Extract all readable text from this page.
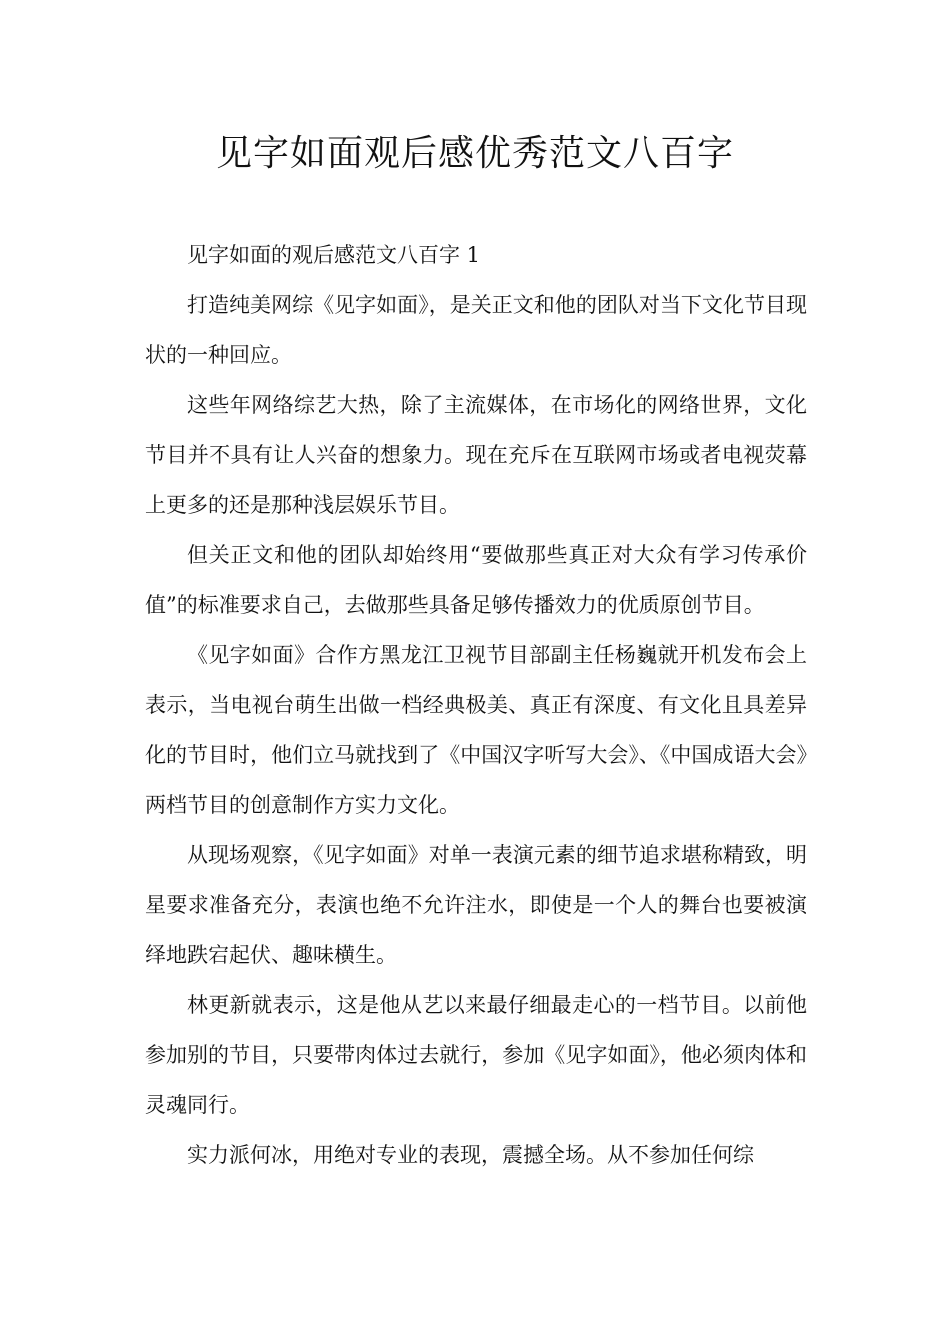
见字如面观后感优秀范文八百字

见字如面的观后感范文八百字 1

打造纯美网综《见字如面》，是关正文和他的团队对当下文化节目现状的一种回应。

这些年网络综艺大热，除了主流媒体，在市场化的网络世界，文化节目并不具有让人兴奋的想象力。现在充斥在互联网市场或者电视荧幕上更多的还是那种浅层娱乐节目。

但关正文和他的团队却始终用“要做那些真正对大众有学习传承价值”的标准要求自己，去做那些具备足够传播效力的优质原创节目。

《见字如面》合作方黑龙江卫视节目部副主任杨巍就开机发布会上表示，当电视台萌生出做一档经典极美、真正有深度、有文化且具差异化的节目时，他们立马就找到了《中国汉字听写大会》、《中国成语大会》两档节目的创意制作方实力文化。

从现场观察，《见字如面》对单一表演元素的细节追求堪称精致，明星要求准备充分，表演也绝不允许注水，即使是一个人的舞台也要被演绎地跌宕起伏、趣味横生。

林更新就表示，这是他从艺以来最仔细最走心的一档节目。以前他参加别的节目，只要带肉体过去就行，参加《见字如面》，他必须肉体和灵魂同行。

实力派何冰，用绝对专业的表现，震撼全场。从不参加任何综
